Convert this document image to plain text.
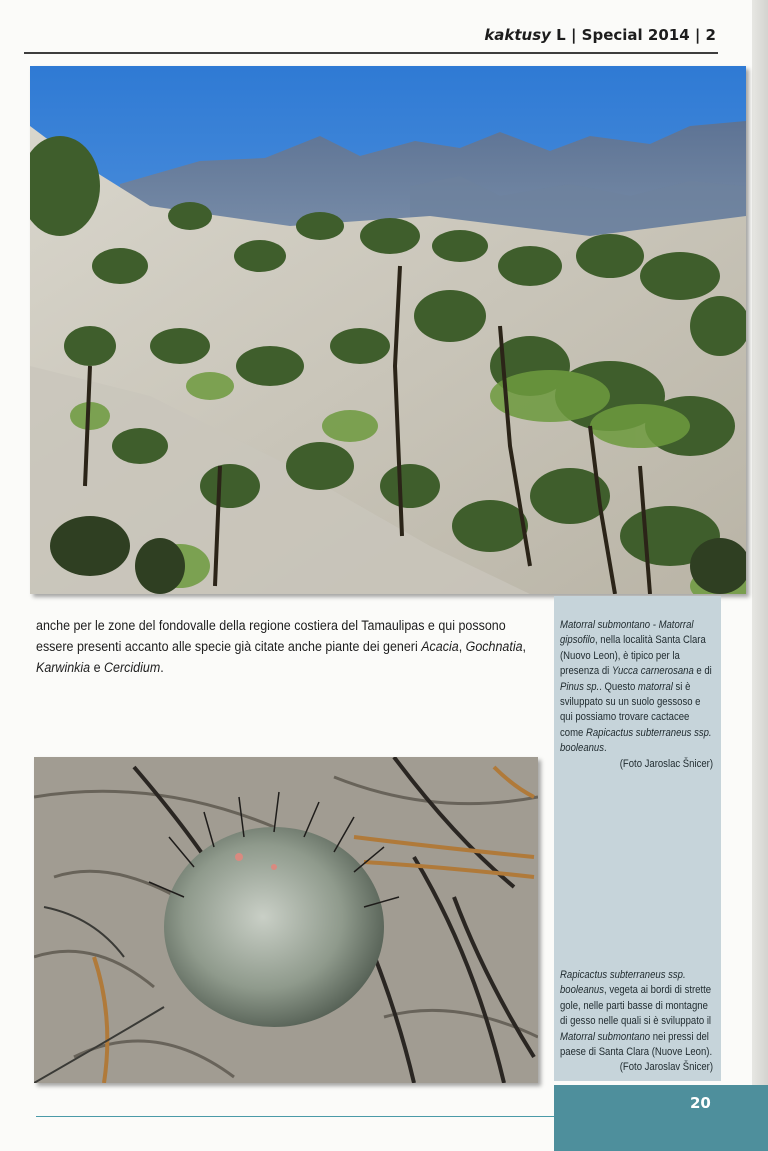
kaktusy L | Special 2014 | 2
anche per le zone del fondovalle della regione costiera del Tamaulipas e qui possono essere presenti accanto alle specie già citate anche piante dei generi Acacia, Gochnatia, Karwinkia e Cercidium.
Matorral submontano - Matorral gipsofilo, nella località Santa Clara (Nuovo Leon), è tipico per la presenza di Yucca carnerosana e di Pinus sp.. Questo matorral si è sviluppato su un suolo gessoso e qui possiamo trovare cactacee come Rapicactus subterraneus ssp. booleanus.
(Foto Jaroslac Šnicer)
Rapicactus subterraneus ssp. booleanus, vegeta ai bordi di strette gole, nelle parti basse di montagne di gesso nelle quali si è sviluppato il Matorral submontano nei pressi del paese di Santa Clara (Nuove Leon).
(Foto Jaroslav Šnicer)
20
